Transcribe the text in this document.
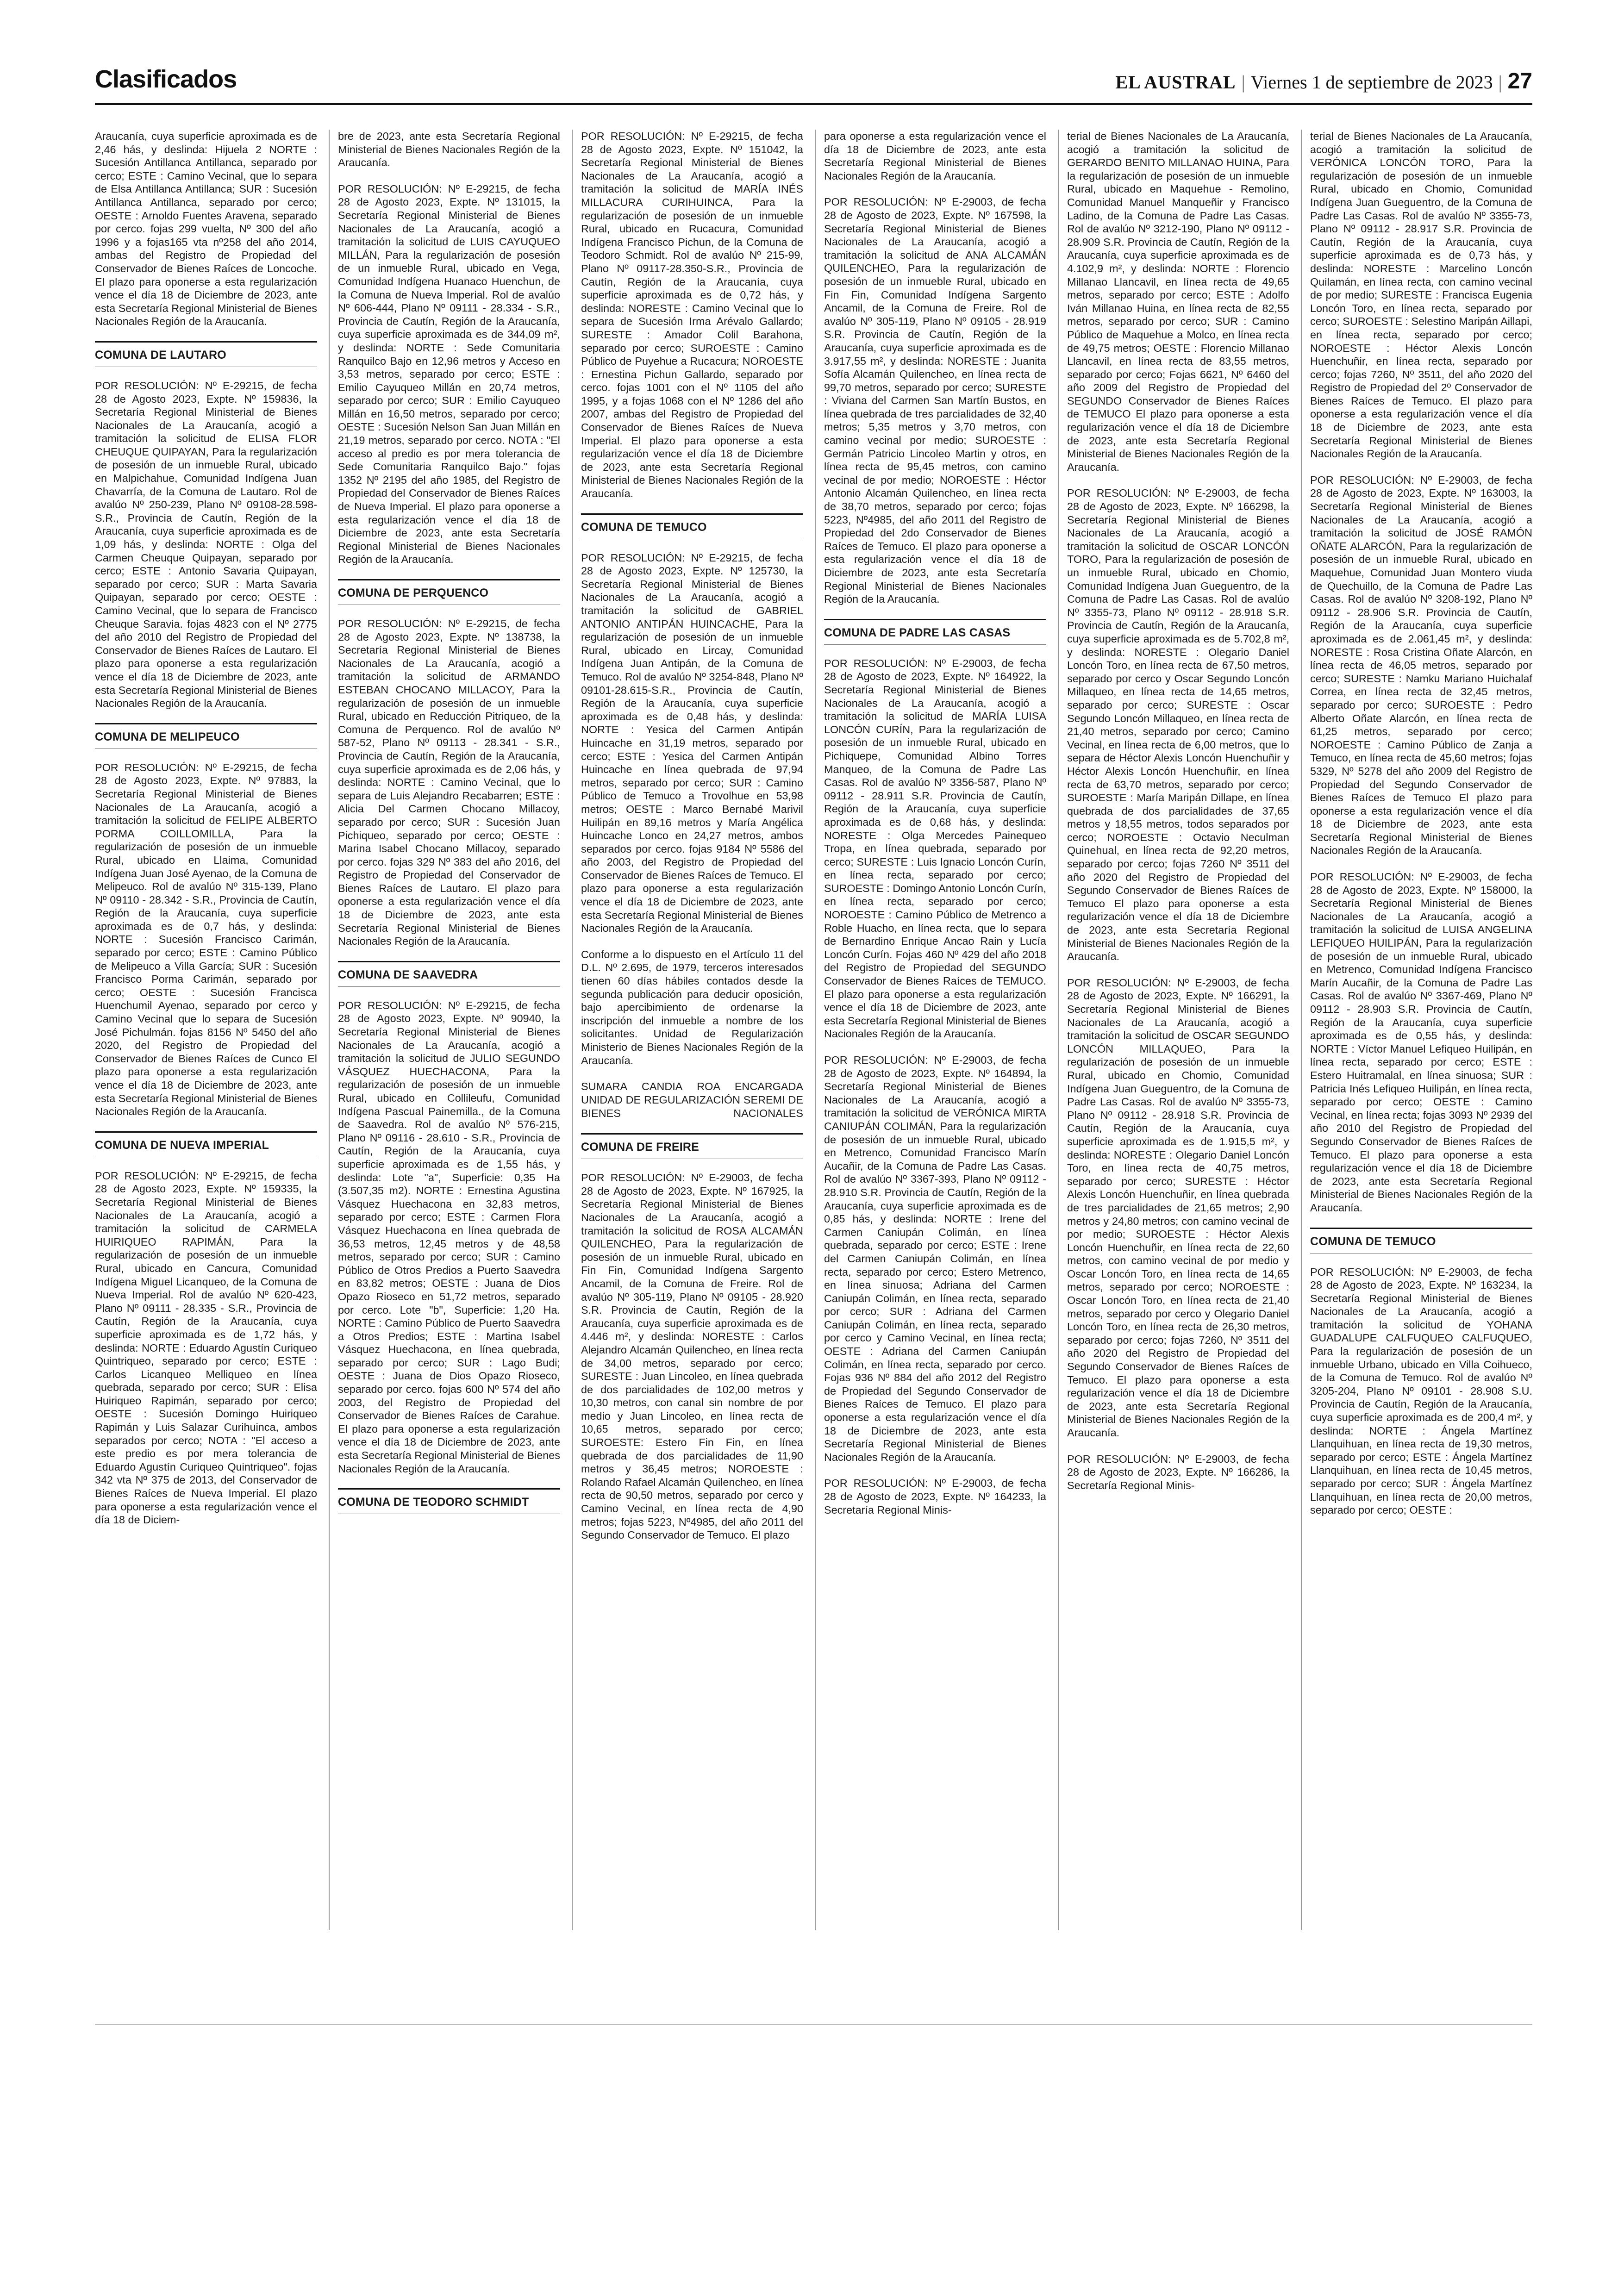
Clasificados	EL AUSTRAL | Viernes 1 de septiembre de 2023 | 27

Araucanía, cuya superficie aproximada es de 2,46 hás, y deslinda: Hijuela 2 NORTE : Sucesión Antillanca Antillanca, separado por cerco; ESTE : Camino Vecinal, que lo separa de Elsa Antillanca Antillanca; SUR : Sucesión Antillanca Antillanca, separado por cerco; OESTE : Arnoldo Fuentes Aravena, separado por cerco. fojas 299 vuelta, Nº 300 del año 1996 y a fojas165 vta nº258 del año 2014, ambas del Registro de Propiedad del Conservador de Bienes Raíces de Loncoche. El plazo para oponerse a esta regularización vence el día 18 de Diciembre de 2023, ante esta Secretaría Regional Ministerial de Bienes Nacionales Región de la Araucanía.

COMUNA DE LAUTARO

POR RESOLUCIÓN: Nº E-29215, de fecha 28 de Agosto 2023, Expte. Nº 159836, la Secretaría Regional Ministerial de Bienes Nacionales de La Araucanía, acogió a tramitación la solicitud de ELISA FLOR CHEUQUE QUIPAYAN, Para la regularización de posesión de un inmueble Rural, ubicado en Malpichahue, Comunidad Indígena Juan Chavarría, de la Comuna de Lautaro. Rol de avalúo Nº 250-239, Plano Nº 09108-28.598-S.R., Provincia de Cautín, Región de la Araucanía, cuya superficie aproximada es de 1,09 hás, y deslinda: NORTE : Olga del Carmen Cheuque Quipayan, separado por cerco; ESTE : Antonio Savaria Quipayan, separado por cerco; SUR : Marta Savaria Quipayan, separado por cerco; OESTE : Camino Vecinal, que lo separa de Francisco Cheuque Saravia. fojas 4823 con el Nº 2775 del año 2010 del Registro de Propiedad del Conservador de Bienes Raíces de Lautaro. El plazo para oponerse a esta regularización vence el día 18 de Diciembre de 2023, ante esta Secretaría Regional Ministerial de Bienes Nacionales Región de la Araucanía.

COMUNA DE MELIPEUCO

POR RESOLUCIÓN: Nº E-29215, de fecha 28 de Agosto 2023, Expte. Nº 97883, la Secretaría Regional Ministerial de Bienes Nacionales de La Araucanía, acogió a tramitación la solicitud de FELIPE ALBERTO PORMA COILLOMILLA, Para la regularización de posesión de un inmueble Rural, ubicado en Llaima, Comunidad Indígena Juan José Ayenao, de la Comuna de Melipeuco. Rol de avalúo Nº 315-139, Plano Nº 09110 - 28.342 - S.R., Provincia de Cautín, Región de la Araucanía, cuya superficie aproximada es de 0,7 hás, y deslinda: NORTE : Sucesión Francisco Carimán, separado por cerco; ESTE : Camino Público de Melipeuco a Villa García; SUR : Sucesión Francisco Porma Carimán, separado por cerco; OESTE : Sucesión Francisca Huenchumil Ayenao, separado por cerco y Camino Vecinal que lo separa de Sucesión José Pichulmán. fojas 8156 Nº 5450 del año 2020, del Registro de Propiedad del Conservador de Bienes Raíces de Cunco El plazo para oponerse a esta regularización vence el día 18 de Diciembre de 2023, ante esta Secretaría Regional Ministerial de Bienes Nacionales Región de la Araucanía.

COMUNA DE NUEVA IMPERIAL

POR RESOLUCIÓN: Nº E-29215, de fecha 28 de Agosto 2023, Expte. Nº 159335, la Secretaría Regional Ministerial de Bienes Nacionales de La Araucanía, acogió a tramitación la solicitud de CARMELA HUIRIQUEO RAPIMÁN, Para la regularización de posesión de un inmueble Rural, ubicado en Cancura, Comunidad Indígena Miguel Licanqueo, de la Comuna de Nueva Imperial. Rol de avalúo Nº 620-423, Plano Nº 09111 - 28.335 - S.R., Provincia de Cautín, Región de la Araucanía, cuya superficie aproximada es de 1,72 hás, y deslinda: NORTE : Eduardo Agustín Curiqueo Quintriqueo, separado por cerco; ESTE : Carlos Licanqueo Melliqueo en línea quebrada, separado por cerco; SUR : Elisa Huiriqueo Rapimán, separado por cerco; OESTE : Sucesión Domingo Huiriqueo Rapimán y Luis Salazar Curihuinca, ambos separados por cerco; NOTA : "El acceso a este predio es por mera tolerancia de Eduardo Agustín Curiqueo Quintriqueo". fojas 342 vta Nº 375 de 2013, del Conservador de Bienes Raíces de Nueva Imperial. El plazo para oponerse a esta regularización vence el día 18 de Diciem-

bre de 2023, ante esta Secretaría Regional Ministerial de Bienes Nacionales Región de la Araucanía.

POR RESOLUCIÓN: Nº E-29215, de fecha 28 de Agosto 2023, Expte. Nº 131015, la Secretaría Regional Ministerial de Bienes Nacionales de La Araucanía, acogió a tramitación la solicitud de LUIS CAYUQUEO MILLÁN, Para la regularización de posesión de un inmueble Rural, ubicado en Vega, Comunidad Indígena Huanaco Huenchun, de la Comuna de Nueva Imperial. Rol de avalúo Nº 606-444, Plano Nº 09111 - 28.334 - S.R., Provincia de Cautín, Región de la Araucanía, cuya superficie aproximada es de 344,09 m², y deslinda: NORTE : Sede Comunitaria Ranquilco Bajo en 12,96 metros y Acceso en 3,53 metros, separado por cerco; ESTE : Emilio Cayuqueo Millán en 20,74 metros, separado por cerco; SUR : Emilio Cayuqueo Millán en 16,50 metros, separado por cerco; OESTE : Sucesión Nelson San Juan Millán en 21,19 metros, separado por cerco. NOTA : "El acceso al predio es por mera tolerancia de Sede Comunitaria Ranquilco Bajo." fojas 1352 Nº 2195 del año 1985, del Registro de Propiedad del Conservador de Bienes Raíces de Nueva Imperial. El plazo para oponerse a esta regularización vence el día 18 de Diciembre de 2023, ante esta Secretaría Regional Ministerial de Bienes Nacionales Región de la Araucanía.

COMUNA DE PERQUENCO

POR RESOLUCIÓN: Nº E-29215, de fecha 28 de Agosto 2023, Expte. Nº 138738, la Secretaría Regional Ministerial de Bienes Nacionales de La Araucanía, acogió a tramitación la solicitud de ARMANDO ESTEBAN CHOCANO MILLACOY, Para la regularización de posesión de un inmueble Rural, ubicado en Reducción Pitriqueo, de la Comuna de Perquenco. Rol de avalúo Nº 587-52, Plano Nº 09113 - 28.341 - S.R., Provincia de Cautín, Región de la Araucanía, cuya superficie aproximada es de 2,06 hás, y deslinda: NORTE : Camino Vecinal, que lo separa de Luis Alejandro Recabarren; ESTE : Alicia Del Carmen Chocano Millacoy, separado por cerco; SUR : Sucesión Juan Pichiqueo, separado por cerco; OESTE : Marina Isabel Chocano Millacoy, separado por cerco. fojas 329 Nº 383 del año 2016, del Registro de Propiedad del Conservador de Bienes Raíces de Lautaro. El plazo para oponerse a esta regularización vence el día 18 de Diciembre de 2023, ante esta Secretaría Regional Ministerial de Bienes Nacionales Región de la Araucanía.

COMUNA DE SAAVEDRA

POR RESOLUCIÓN: Nº E-29215, de fecha 28 de Agosto 2023, Expte. Nº 90940, la Secretaría Regional Ministerial de Bienes Nacionales de La Araucanía, acogió a tramitación la solicitud de JULIO SEGUNDO VÁSQUEZ HUECHACONA, Para la regularización de posesión de un inmueble Rural, ubicado en Collileufu, Comunidad Indígena Pascual Painemilla., de la Comuna de Saavedra. Rol de avalúo Nº 576-215, Plano Nº 09116 - 28.610 - S.R., Provincia de Cautín, Región de la Araucanía, cuya superficie aproximada es de 1,55 hás, y deslinda: Lote "a", Superficie: 0,35 Ha (3.507,35 m2). NORTE : Ernestina Agustina Vásquez Huechacona en 32,83 metros, separado por cerco; ESTE : Carmen Flora Vásquez Huechacona en línea quebrada de 36,53 metros, 12,45 metros y de 48,58 metros, separado por cerco; SUR : Camino Público de Otros Predios a Puerto Saavedra en 83,82 metros; OESTE : Juana de Dios Opazo Rioseco en 51,72 metros, separado por cerco. Lote "b", Superficie: 1,20 Ha. NORTE : Camino Público de Puerto Saavedra a Otros Predios; ESTE : Martina Isabel Vásquez Huechacona, en línea quebrada, separado por cerco; SUR : Lago Budi; OESTE : Juana de Dios Opazo Rioseco, separado por cerco. fojas 600 Nº 574 del año 2003, del Registro de Propiedad del Conservador de Bienes Raíces de Carahue. El plazo para oponerse a esta regularización vence el día 18 de Diciembre de 2023, ante esta Secretaría Regional Ministerial de Bienes Nacionales Región de la Araucanía.

COMUNA DE TEODORO SCHMIDT

POR RESOLUCIÓN: Nº E-29215, de fecha 28 de Agosto 2023, Expte. Nº 151042, la Secretaría Regional Ministerial de Bienes Nacionales de La Araucanía, acogió a tramitación la solicitud de MARÍA INÉS MILLACURA CURIHUINCA, Para la regularización de posesión de un inmueble Rural, ubicado en Rucacura, Comunidad Indígena Francisco Pichun, de la Comuna de Teodoro Schmidt. Rol de avalúo Nº 215-99, Plano Nº 09117-28.350-S.R., Provincia de Cautín, Región de la Araucanía, cuya superficie aproximada es de 0,72 hás, y deslinda: NORESTE : Camino Vecinal que lo separa de Sucesión Irma Arévalo Gallardo; SURESTE : Amador Colil Barahona, separado por cerco; SUROESTE : Camino Público de Puyehue a Rucacura; NOROESTE : Ernestina Pichun Gallardo, separado por cerco. fojas 1001 con el Nº 1105 del año 1995, y a fojas 1068 con el Nº 1286 del año 2007, ambas del Registro de Propiedad del Conservador de Bienes Raíces de Nueva Imperial. El plazo para oponerse a esta regularización vence el día 18 de Diciembre de 2023, ante esta Secretaría Regional Ministerial de Bienes Nacionales Región de la Araucanía.

COMUNA DE TEMUCO

POR RESOLUCIÓN: Nº E-29215, de fecha 28 de Agosto 2023, Expte. Nº 125730, la Secretaría Regional Ministerial de Bienes Nacionales de La Araucanía, acogió a tramitación la solicitud de GABRIEL ANTONIO ANTIPÁN HUINCACHE, Para la regularización de posesión de un inmueble Rural, ubicado en Lircay, Comunidad Indígena Juan Antipán, de la Comuna de Temuco. Rol de avalúo Nº 3254-848, Plano Nº 09101-28.615-S.R., Provincia de Cautín, Región de la Araucanía, cuya superficie aproximada es de 0,48 hás, y deslinda: NORTE : Yesica del Carmen Antipán Huincache en 31,19 metros, separado por cerco; ESTE : Yesica del Carmen Antipán Huincache en línea quebrada de 97,94 metros, separado por cerco; SUR : Camino Público de Temuco a Trovolhue en 53,98 metros; OESTE : Marco Bernabé Marivil Huilipán en 89,16 metros y María Angélica Huincache Lonco en 24,27 metros, ambos separados por cerco. fojas 9184 Nº 5586 del año 2003, del Registro de Propiedad del Conservador de Bienes Raíces de Temuco. El plazo para oponerse a esta regularización vence el día 18 de Diciembre de 2023, ante esta Secretaría Regional Ministerial de Bienes Nacionales Región de la Araucanía.

Conforme a lo dispuesto en el Artículo 11 del D.L. Nº 2.695, de 1979, terceros interesados tienen 60 días hábiles contados desde la segunda publicación para deducir oposición, bajo apercibimiento de ordenarse la inscripción del inmueble a nombre de los solicitantes. Unidad de Regularización Ministerio de Bienes Nacionales Región de la Araucanía.

SUMARA CANDIA ROA ENCARGADA UNIDAD DE REGULARIZACIÓN SEREMI DE BIENES NACIONALES

COMUNA DE FREIRE

POR RESOLUCIÓN: Nº E-29003, de fecha 28 de Agosto de 2023, Expte. Nº 167925, la Secretaría Regional Ministerial de Bienes Nacionales de La Araucanía, acogió a tramitación la solicitud de ROSA ALCAMÁN QUILENCHEO, Para la regularización de posesión de un inmueble Rural, ubicado en Fin Fin, Comunidad Indígena Sargento Ancamil, de la Comuna de Freire. Rol de avalúo Nº 305-119, Plano Nº 09105 - 28.920 S.R. Provincia de Cautín, Región de la Araucanía, cuya superficie aproximada es de 4.446 m², y deslinda: NORESTE : Carlos Alejandro Alcamán Quilencheo, en línea recta de 34,00 metros, separado por cerco; SURESTE : Juan Lincoleo, en línea quebrada de dos parcialidades de 102,00 metros y 10,30 metros, con canal sin nombre de por medio y Juan Lincoleo, en línea recta de 10,65 metros, separado por cerco; SUROESTE: Estero Fin Fin, en línea quebrada de dos parcialidades de 11,90 metros y 36,45 metros; NOROESTE : Rolando Rafael Alcamán Quilencheo, en línea recta de 90,50 metros, separado por cerco y Camino Vecinal, en línea recta de 4,90 metros; fojas 5223, Nº4985, del año 2011 del Segundo Conservador de Temuco. El plazo

para oponerse a esta regularización vence el día 18 de Diciembre de 2023, ante esta Secretaría Regional Ministerial de Bienes Nacionales Región de la Araucanía.

POR RESOLUCIÓN: Nº E-29003, de fecha 28 de Agosto de 2023, Expte. Nº 167598, la Secretaría Regional Ministerial de Bienes Nacionales de La Araucanía, acogió a tramitación la solicitud de ANA ALCAMÁN QUILENCHEO, Para la regularización de posesión de un inmueble Rural, ubicado en Fin Fin, Comunidad Indígena Sargento Ancamil, de la Comuna de Freire. Rol de avalúo Nº 305-119, Plano Nº 09105 - 28.919 S.R. Provincia de Cautín, Región de la Araucanía, cuya superficie aproximada es de 3.917,55 m², y deslinda: NORESTE : Juanita Sofía Alcamán Quilencheo, en línea recta de 99,70 metros, separado por cerco; SURESTE : Viviana del Carmen San Martín Bustos, en línea quebrada de tres parcialidades de 32,40 metros; 5,35 metros y 3,70 metros, con camino vecinal por medio; SUROESTE : Germán Patricio Lincoleo Martin y otros, en línea recta de 95,45 metros, con camino vecinal de por medio; NOROESTE : Héctor Antonio Alcamán Quilencheo, en línea recta de 38,70 metros, separado por cerco; fojas 5223, Nº4985, del año 2011 del Registro de Propiedad del 2do Conservador de Bienes Raíces de Temuco. El plazo para oponerse a esta regularización vence el día 18 de Diciembre de 2023, ante esta Secretaría Regional Ministerial de Bienes Nacionales Región de la Araucanía.

COMUNA DE PADRE LAS CASAS

POR RESOLUCIÓN: Nº E-29003, de fecha 28 de Agosto de 2023, Expte. Nº 164922, la Secretaría Regional Ministerial de Bienes Nacionales de La Araucanía, acogió a tramitación la solicitud de MARÍA LUISA LONCÓN CURÍN, Para la regularización de posesión de un inmueble Rural, ubicado en Pichiquepe, Comunidad Albino Torres Manqueo, de la Comuna de Padre Las Casas. Rol de avalúo Nº 3356-587, Plano Nº 09112 - 28.911 S.R. Provincia de Cautín, Región de la Araucanía, cuya superficie aproximada es de 0,68 hás, y deslinda: NORESTE : Olga Mercedes Painequeo Tropa, en línea quebrada, separado por cerco; SURESTE : Luis Ignacio Loncón Curín, en línea recta, separado por cerco; SUROESTE : Domingo Antonio Loncón Curín, en línea recta, separado por cerco; NOROESTE : Camino Público de Metrenco a Roble Huacho, en línea recta, que lo separa de Bernardino Enrique Ancao Rain y Lucía Loncón Curín. Fojas 460 Nº 429 del año 2018 del Registro de Propiedad del SEGUNDO Conservador de Bienes Raíces de TEMUCO. El plazo para oponerse a esta regularización vence el día 18 de Diciembre de 2023, ante esta Secretaría Regional Ministerial de Bienes Nacionales Región de la Araucanía.

POR RESOLUCIÓN: Nº E-29003, de fecha 28 de Agosto de 2023, Expte. Nº 164894, la Secretaría Regional Ministerial de Bienes Nacionales de La Araucanía, acogió a tramitación la solicitud de VERÓNICA MIRTA CANIUPÁN COLIMÁN, Para la regularización de posesión de un inmueble Rural, ubicado en Metrenco, Comunidad Francisco Marín Aucañir, de la Comuna de Padre Las Casas. Rol de avalúo Nº 3367-393, Plano Nº 09112 - 28.910 S.R. Provincia de Cautín, Región de la Araucanía, cuya superficie aproximada es de 0,85 hás, y deslinda: NORTE : Irene del Carmen Caniupán Colimán, en línea quebrada, separado por cerco; ESTE : Irene del Carmen Caniupán Colimán, en línea recta, separado por cerco; Estero Metrenco, en línea sinuosa; Adriana del Carmen Caniupán Colimán, en línea recta, separado por cerco; SUR : Adriana del Carmen Caniupán Colimán, en línea recta, separado por cerco y Camino Vecinal, en línea recta; OESTE : Adriana del Carmen Caniupán Colimán, en línea recta, separado por cerco. Fojas 936 Nº 884 del año 2012 del Registro de Propiedad del Segundo Conservador de Bienes Raíces de Temuco. El plazo para oponerse a esta regularización vence el día 18 de Diciembre de 2023, ante esta Secretaría Regional Ministerial de Bienes Nacionales Región de la Araucanía.

POR RESOLUCIÓN: Nº E-29003, de fecha 28 de Agosto de 2023, Expte. Nº 164233, la Secretaría Regional Minis-

terial de Bienes Nacionales de La Araucanía, acogió a tramitación la solicitud de GERARDO BENITO MILLANAO HUINA, Para la regularización de posesión de un inmueble Rural, ubicado en Maquehue - Remolino, Comunidad Manuel Manqueñir y Francisco Ladino, de la Comuna de Padre Las Casas. Rol de avalúo Nº 3212-190, Plano Nº 09112 - 28.909 S.R. Provincia de Cautín, Región de la Araucanía, cuya superficie aproximada es de 4.102,9 m², y deslinda: NORTE : Florencio Millanao Llancavil, en línea recta de 49,65 metros, separado por cerco; ESTE : Adolfo Iván Millanao Huina, en línea recta de 82,55 metros, separado por cerco; SUR : Camino Público de Maquehue a Molco, en línea recta de 49,75 metros; OESTE : Florencio Millanao Llancavil, en línea recta de 83,55 metros, separado por cerco; Fojas 6621, Nº 6460 del año 2009 del Registro de Propiedad del SEGUNDO Conservador de Bienes Raíces de TEMUCO El plazo para oponerse a esta regularización vence el día 18 de Diciembre de 2023, ante esta Secretaría Regional Ministerial de Bienes Nacionales Región de la Araucanía.

POR RESOLUCIÓN: Nº E-29003, de fecha 28 de Agosto de 2023, Expte. Nº 166298, la Secretaría Regional Ministerial de Bienes Nacionales de La Araucanía, acogió a tramitación la solicitud de OSCAR LONCÓN TORO, Para la regularización de posesión de un inmueble Rural, ubicado en Chomio, Comunidad Indígena Juan Gueguentro, de la Comuna de Padre Las Casas. Rol de avalúo Nº 3355-73, Plano Nº 09112 - 28.918 S.R. Provincia de Cautín, Región de la Araucanía, cuya superficie aproximada es de 5.702,8 m², y deslinda: NORESTE : Olegario Daniel Loncón Toro, en línea recta de 67,50 metros, separado por cerco y Oscar Segundo Loncón Millaqueo, en línea recta de 14,65 metros, separado por cerco; SURESTE : Oscar Segundo Loncón Millaqueo, en línea recta de 21,40 metros, separado por cerco; Camino Vecinal, en línea recta de 6,00 metros, que lo separa de Héctor Alexis Loncón Huenchuñir y Héctor Alexis Loncón Huenchuñir, en línea recta de 63,70 metros, separado por cerco; SUROESTE : María Maripán Dillape, en línea quebrada de dos parcialidades de 37,65 metros y 18,55 metros, todos separados por cerco; NOROESTE : Octavio Neculman Quinehual, en línea recta de 92,20 metros, separado por cerco; fojas 7260 Nº 3511 del año 2020 del Registro de Propiedad del Segundo Conservador de Bienes Raíces de Temuco El plazo para oponerse a esta regularización vence el día 18 de Diciembre de 2023, ante esta Secretaría Regional Ministerial de Bienes Nacionales Región de la Araucanía.

POR RESOLUCIÓN: Nº E-29003, de fecha 28 de Agosto de 2023, Expte. Nº 166291, la Secretaría Regional Ministerial de Bienes Nacionales de La Araucanía, acogió a tramitación la solicitud de OSCAR SEGUNDO LONCÓN MILLAQUEO, Para la regularización de posesión de un inmueble Rural, ubicado en Chomio, Comunidad Indígena Juan Gueguentro, de la Comuna de Padre Las Casas. Rol de avalúo Nº 3355-73, Plano Nº 09112 - 28.918 S.R. Provincia de Cautín, Región de la Araucanía, cuya superficie aproximada es de 1.915,5 m², y deslinda: NORESTE : Olegario Daniel Loncón Toro, en línea recta de 40,75 metros, separado por cerco; SURESTE : Héctor Alexis Loncón Huenchuñir, en línea quebrada de tres parcialidades de 21,65 metros; 2,90 metros y 24,80 metros; con camino vecinal de por medio; SUROESTE : Héctor Alexis Loncón Huenchuñir, en línea recta de 22,60 metros, con camino vecinal de por medio y Oscar Loncón Toro, en línea recta de 14,65 metros, separado por cerco; NOROESTE : Oscar Loncón Toro, en línea recta de 21,40 metros, separado por cerco y Olegario Daniel Loncón Toro, en línea recta de 26,30 metros, separado por cerco; fojas 7260, Nº 3511 del año 2020 del Registro de Propiedad del Segundo Conservador de Bienes Raíces de Temuco. El plazo para oponerse a esta regularización vence el día 18 de Diciembre de 2023, ante esta Secretaría Regional Ministerial de Bienes Nacionales Región de la Araucanía.

POR RESOLUCIÓN: Nº E-29003, de fecha 28 de Agosto de 2023, Expte. Nº 166286, la Secretaría Regional Minis-

terial de Bienes Nacionales de La Araucanía, acogió a tramitación la solicitud de VERÓNICA LONCÓN TORO, Para la regularización de posesión de un inmueble Rural, ubicado en Chomio, Comunidad Indígena Juan Gueguentro, de la Comuna de Padre Las Casas. Rol de avalúo Nº 3355-73, Plano Nº 09112 - 28.917 S.R. Provincia de Cautín, Región de la Araucanía, cuya superficie aproximada es de 0,73 hás, y deslinda: NORESTE : Marcelino Loncón Quilamán, en línea recta, con camino vecinal de por medio; SURESTE : Francisca Eugenia Loncón Toro, en línea recta, separado por cerco; SUROESTE : Selestino Maripán Aillapi, en línea recta, separado por cerco; NOROESTE : Héctor Alexis Loncón Huenchuñir, en línea recta, separado por cerco; fojas 7260, Nº 3511, del año 2020 del Registro de Propiedad del 2º Conservador de Bienes Raíces de Temuco. El plazo para oponerse a esta regularización vence el día 18 de Diciembre de 2023, ante esta Secretaría Regional Ministerial de Bienes Nacionales Región de la Araucanía.

POR RESOLUCIÓN: Nº E-29003, de fecha 28 de Agosto de 2023, Expte. Nº 163003, la Secretaría Regional Ministerial de Bienes Nacionales de La Araucanía, acogió a tramitación la solicitud de JOSÉ RAMÓN OÑATE ALARCÓN, Para la regularización de posesión de un inmueble Rural, ubicado en Maquehue, Comunidad Juan Montero viuda de Quechuillo, de la Comuna de Padre Las Casas. Rol de avalúo Nº 3208-192, Plano Nº 09112 - 28.906 S.R. Provincia de Cautín, Región de la Araucanía, cuya superficie aproximada es de 2.061,45 m², y deslinda: NORESTE : Rosa Cristina Oñate Alarcón, en línea recta de 46,05 metros, separado por cerco; SURESTE : Namku Mariano Huichalaf Correa, en línea recta de 32,45 metros, separado por cerco; SUROESTE : Pedro Alberto Oñate Alarcón, en línea recta de 61,25 metros, separado por cerco; NOROESTE : Camino Público de Zanja a Temuco, en línea recta de 45,60 metros; fojas 5329, Nº 5278 del año 2009 del Registro de Propiedad del Segundo Conservador de Bienes Raíces de Temuco El plazo para oponerse a esta regularización vence el día 18 de Diciembre de 2023, ante esta Secretaría Regional Ministerial de Bienes Nacionales Región de la Araucanía.

POR RESOLUCIÓN: Nº E-29003, de fecha 28 de Agosto de 2023, Expte. Nº 158000, la Secretaría Regional Ministerial de Bienes Nacionales de La Araucanía, acogió a tramitación la solicitud de LUISA ANGELINA LEFIQUEO HUILIPÁN, Para la regularización de posesión de un inmueble Rural, ubicado en Metrenco, Comunidad Indígena Francisco Marín Aucañir, de la Comuna de Padre Las Casas. Rol de avalúo Nº 3367-469, Plano Nº 09112 - 28.903 S.R. Provincia de Cautín, Región de la Araucanía, cuya superficie aproximada es de 0,55 hás, y deslinda: NORTE : Víctor Manuel Lefiqueo Huilipán, en línea recta, separado por cerco; ESTE : Estero Huitramalal, en línea sinuosa; SUR : Patricia Inés Lefiqueo Huilipán, en línea recta, separado por cerco; OESTE : Camino Vecinal, en línea recta; fojas 3093 Nº 2939 del año 2010 del Registro de Propiedad del Segundo Conservador de Bienes Raíces de Temuco. El plazo para oponerse a esta regularización vence el día 18 de Diciembre de 2023, ante esta Secretaría Regional Ministerial de Bienes Nacionales Región de la Araucanía.

COMUNA DE TEMUCO

POR RESOLUCIÓN: Nº E-29003, de fecha 28 de Agosto de 2023, Expte. Nº 163234, la Secretaría Regional Ministerial de Bienes Nacionales de La Araucanía, acogió a tramitación la solicitud de YOHANA GUADALUPE CALFUQUEO CALFUQUEO, Para la regularización de posesión de un inmueble Urbano, ubicado en Villa Coihueco, de la Comuna de Temuco. Rol de avalúo Nº 3205-204, Plano Nº 09101 - 28.908 S.U. Provincia de Cautín, Región de la Araucanía, cuya superficie aproximada es de 200,4 m², y deslinda: NORTE : Ángela Martínez Llanquihuan, en línea recta de 19,30 metros, separado por cerco; ESTE : Ángela Martínez Llanquihuan, en línea recta de 10,45 metros, separado por cerco; SUR : Ángela Martínez Llanquihuan, en línea recta de 20,00 metros, separado por cerco; OESTE :
